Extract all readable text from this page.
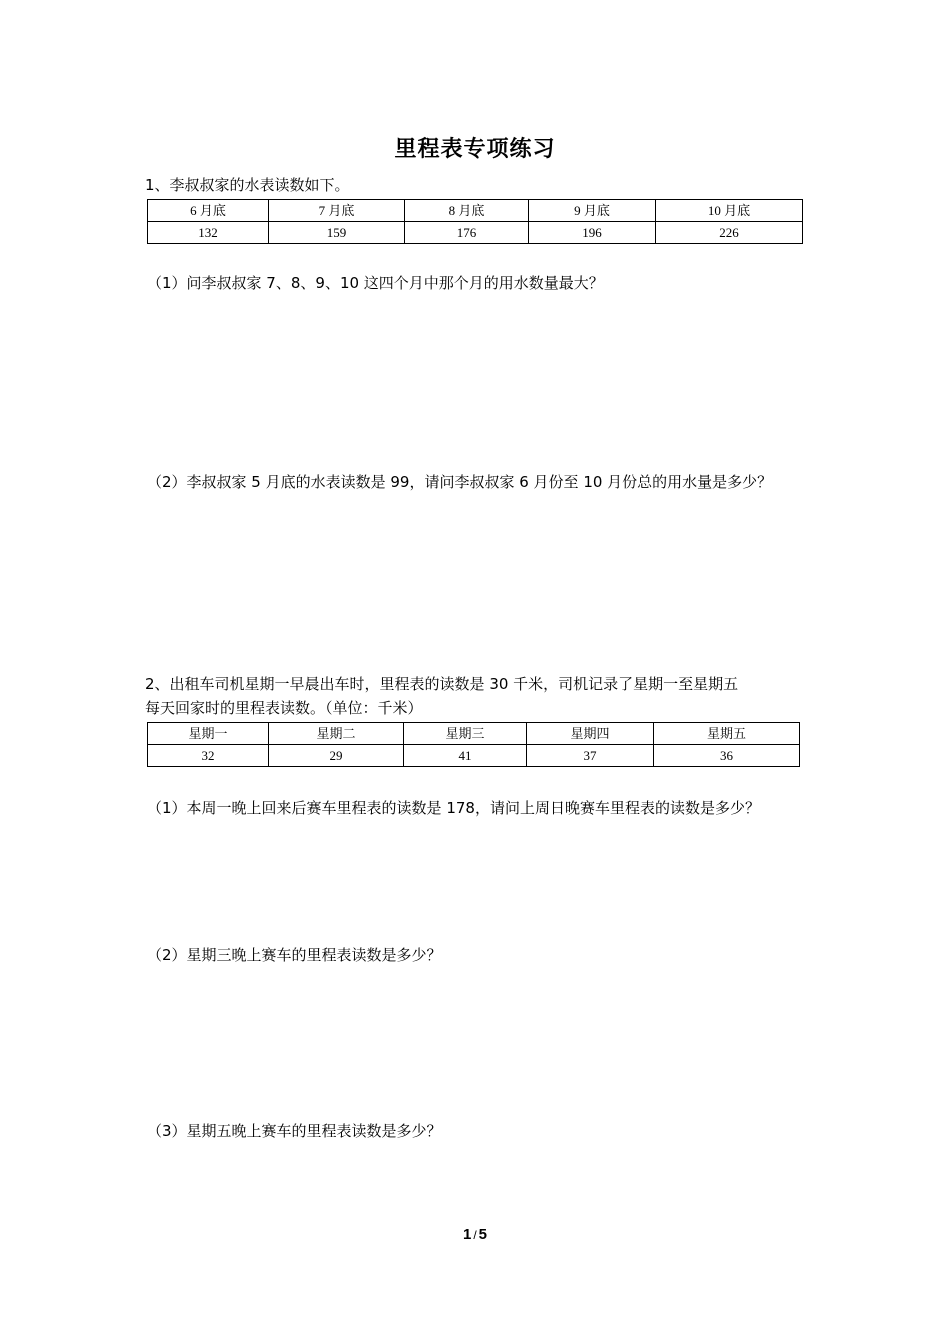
里程表专项练习
1、李叔叔家的水表读数如下。
6 月底	7 月底	8 月底	9 月底	10 月底
132	159	176	196	226
（1）问李叔叔家 7、8、9、10 这四个月中那个月的用水数量最大？
（2）李叔叔家 5 月底的水表读数是 99，请问李叔叔家 6 月份至 10 月份总的用水量是多少？
2、出租车司机星期一早晨出车时，里程表的读数是 30 千米，司机记录了星期一至星期五
每天回家时的里程表读数。（单位：千米）
星期一	星期二	星期三	星期四	星期五
32	29	41	37	36
（1）本周一晚上回来后赛车里程表的读数是 178，请问上周日晚赛车里程表的读数是多少？
（2）星期三晚上赛车的里程表读数是多少？
（3）星期五晚上赛车的里程表读数是多少？
1 / 5
